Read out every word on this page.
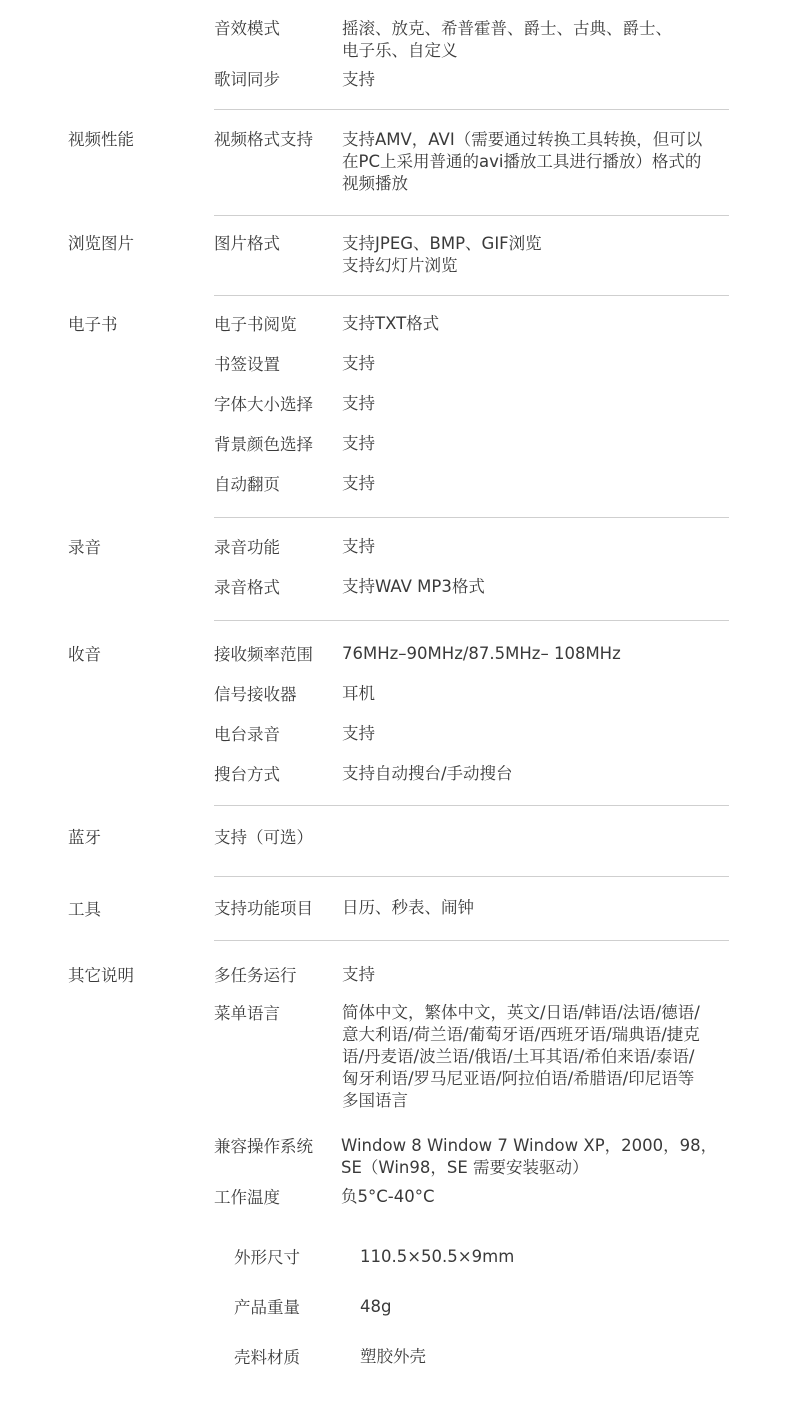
音效模式	摇滚、放克、希普霍普、爵士、古典、爵士、
电子乐、自定义
歌词同步	支持
视频性能	视频格式支持 支持AMV，AVI（需要通过转换工具转换，但可以
在PC上采用普通的avi播放工具进行播放）格式的
视频播放
浏览图片	图片格式	支持JPEG、BMP、GIF浏览
支持幻灯片浏览
电子书	电子书阅览	支持TXT格式
书签设置	支持
字体大小选择 支持
背景颜色选择 支持
自动翻页	支持
录音	录音功能	支持
录音格式	支持WAV MP3格式
收音	接收频率范围 76MHz–90MHz/87.5MHz– 108MHz
信号接收器	耳机
电台录音	支持
搜台方式	支持自动搜台/手动搜台
蓝牙	支持（可选）
工具	支持功能项目 日历、秒表、闹钟
其它说明	多任务运行	支持
菜单语言	简体中文，繁体中文，英文/日语/韩语/法语/德语/
意大利语/荷兰语/葡萄牙语/西班牙语/瑞典语/捷克
语/丹麦语/波兰语/俄语/土耳其语/希伯来语/泰语/
匈牙利语/罗马尼亚语/阿拉伯语/希腊语/印尼语等
多国语言
兼容操作系统 Window 8 Window 7 Window XP，2000，98，
SE（Win98，SE 需要安装驱动）
工作温度	负5°C-40°C
外形尺寸	110.5×50.5×9mm
产品重量	48g
壳料材质	塑胶外壳
